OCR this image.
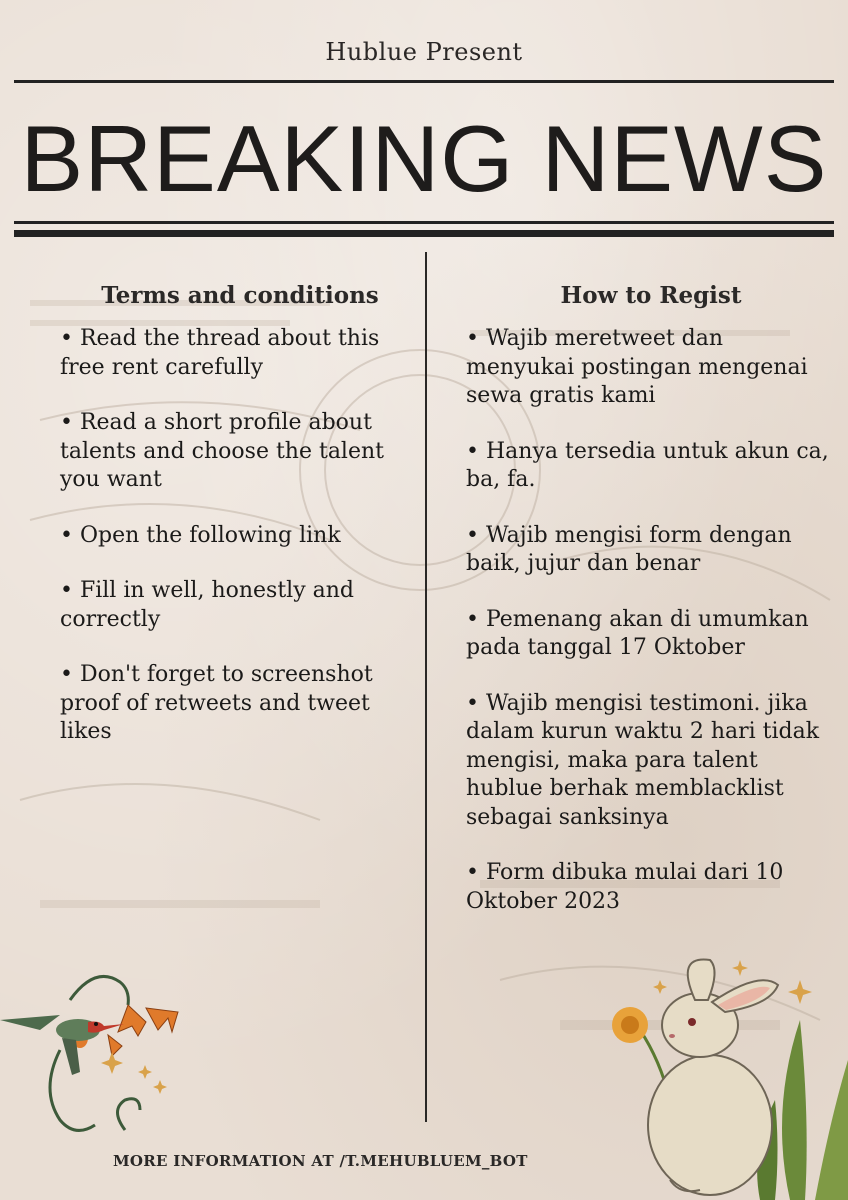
Hublue Present
BREAKING NEWS
Terms and conditions
• Read the thread about this free rent carefully
• Read a short profile about talents and choose the talent you want
• Open the following link
• Fill in well, honestly and correctly
• Don't forget to screenshot proof of retweets and tweet likes
How to Regist
• Wajib meretweet dan menyukai postingan mengenai sewa gratis kami
• Hanya tersedia untuk akun ca, ba, fa.
• Wajib mengisi form dengan baik, jujur dan benar
• Pemenang akan di umumkan pada tanggal 17 Oktober
• Wajib mengisi testimoni. jika dalam kurun waktu 2 hari tidak mengisi, maka para talent hublue berhak memblacklist sebagai sanksinya
• Form dibuka mulai dari 10 Oktober 2023
MORE INFORMATION AT /T.MEHUBLUEM_BOT
